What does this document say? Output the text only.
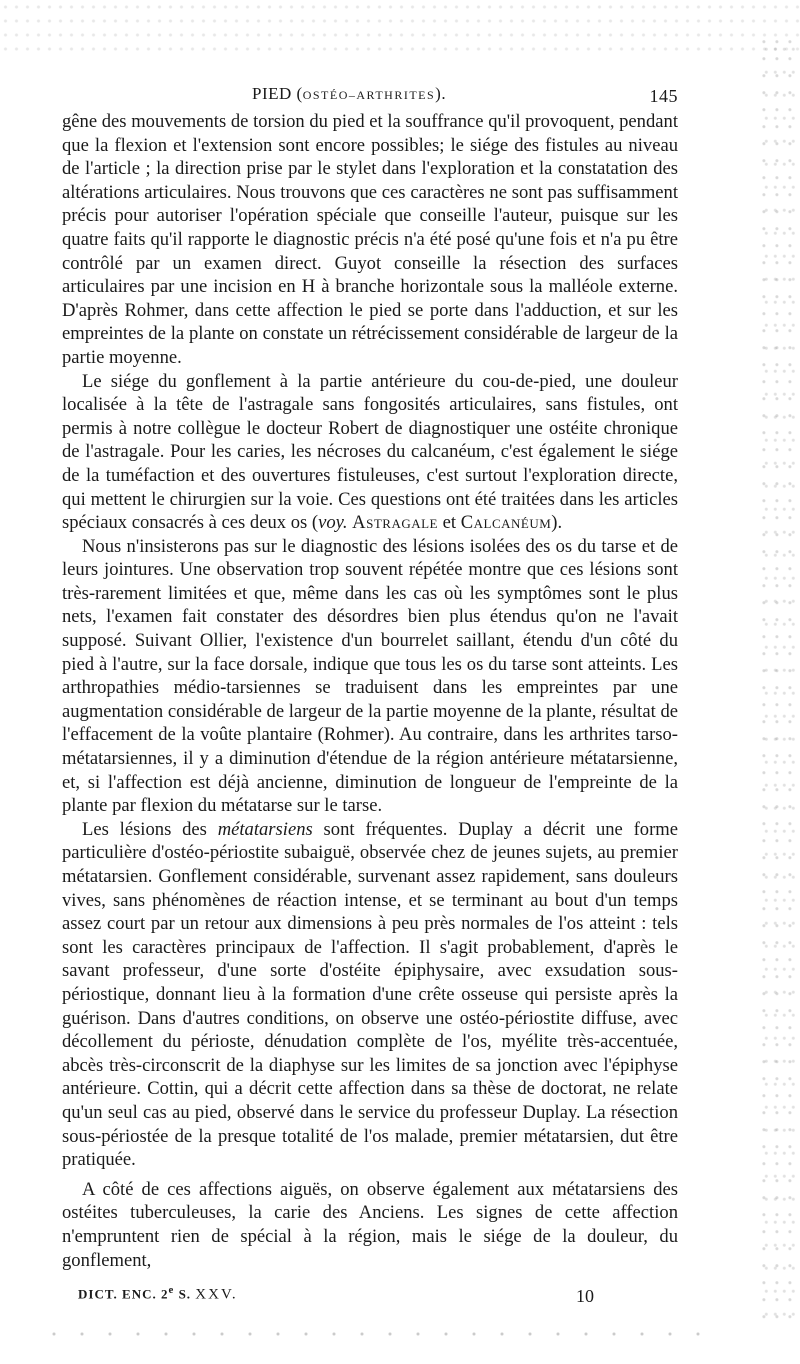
PIED (OSTÉO–ARTHRITES).	145

gêne des mouvements de torsion du pied et la souffrance qu'il provoquent, pendant que la flexion et l'extension sont encore possibles; le siége des fistules au niveau de l'article ; la direction prise par le stylet dans l'exploration et la constatation des altérations articulaires. Nous trouvons que ces caractères ne sont pas suffisamment précis pour autoriser l'opération spéciale que conseille l'auteur, puisque sur les quatre faits qu'il rapporte le diagnostic précis n'a été posé qu'une fois et n'a pu être contrôlé par un examen direct. Guyot conseille la résection des surfaces articulaires par une incision en H à branche horizontale sous la malléole externe. D'après Rohmer, dans cette affection le pied se porte dans l'adduction, et sur les empreintes de la plante on constate un rétrécissement considérable de largeur de la partie moyenne.

Le siége du gonflement à la partie antérieure du cou-de-pied, une douleur localisée à la tête de l'astragale sans fongosités articulaires, sans fistules, ont permis à notre collègue le docteur Robert de diagnostiquer une ostéite chronique de l'astragale. Pour les caries, les nécroses du calcanéum, c'est également le siége de la tuméfaction et des ouvertures fistuleuses, c'est surtout l'exploration directe, qui mettent le chirurgien sur la voie. Ces questions ont été traitées dans les articles spéciaux consacrés à ces deux os (voy. Astragale et Calcanéum).

Nous n'insisterons pas sur le diagnostic des lésions isolées des os du tarse et de leurs jointures. Une observation trop souvent répétée montre que ces lésions sont très-rarement limitées et que, même dans les cas où les symptômes sont le plus nets, l'examen fait constater des désordres bien plus étendus qu'on ne l'avait supposé. Suivant Ollier, l'existence d'un bourrelet saillant, étendu d'un côté du pied à l'autre, sur la face dorsale, indique que tous les os du tarse sont atteints. Les arthropathies médio-tarsiennes se traduisent dans les empreintes par une augmentation considérable de largeur de la partie moyenne de la plante, résultat de l'effacement de la voûte plantaire (Rohmer). Au contraire, dans les arthrites tarso-métatarsiennes, il y a diminution d'étendue de la région antérieure métatarsienne, et, si l'affection est déjà ancienne, diminution de longueur de l'empreinte de la plante par flexion du métatarse sur le tarse.

Les lésions des métatarsiens sont fréquentes. Duplay a décrit une forme particulière d'ostéo-périostite subaiguë, observée chez de jeunes sujets, au premier métatarsien. Gonflement considérable, survenant assez rapidement, sans douleurs vives, sans phénomènes de réaction intense, et se terminant au bout d'un temps assez court par un retour aux dimensions à peu près normales de l'os atteint : tels sont les caractères principaux de l'affection. Il s'agit probablement, d'après le savant professeur, d'une sorte d'ostéite épiphysaire, avec exsudation sous-périostique, donnant lieu à la formation d'une crête osseuse qui persiste après la guérison. Dans d'autres conditions, on observe une ostéo-périostite diffuse, avec décollement du périoste, dénudation complète de l'os, myélite très-accentuée, abcès très-circonscrit de la diaphyse sur les limites de sa jonction avec l'épiphyse antérieure. Cottin, qui a décrit cette affection dans sa thèse de doctorat, ne relate qu'un seul cas au pied, observé dans le service du professeur Duplay. La résection sous-périostée de la presque totalité de l'os malade, premier métatarsien, dut être pratiquée.

A côté de ces affections aiguës, on observe également aux métatarsiens des ostéites tuberculeuses, la carie des Anciens. Les signes de cette affection n'empruntent rien de spécial à la région, mais le siége de la douleur, du gonflement,

DICT. ENC. 2e S. XXV.	10
